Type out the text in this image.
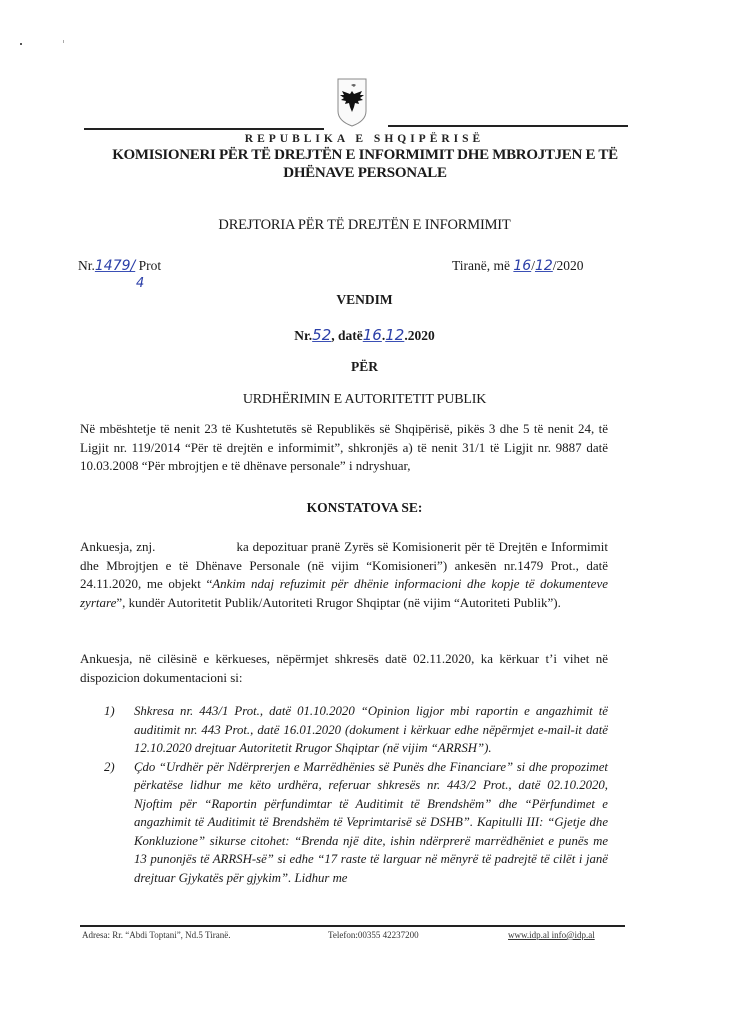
REPUBLIKA E SHQIPËRISË
KOMISIONERI PËR TË DREJTËN E INFORMIMIT DHE MBROJTJEN E TË DHËNAVE PERSONALE
DREJTORIA PËR TË DREJTËN E INFORMIMIT
Nr.1479/ Prot
4
Tiranë, më 16/12/2020
VENDIM
Nr.52, datë16.12.2020
PËR
URDHËRIMIN E AUTORITETIT PUBLIK
Në mbështetje të nenit 23 të Kushtetutës së Republikës së Shqipërisë, pikës 3 dhe 5 të nenit 24, të Ligjit nr. 119/2014 “Për të drejtën e informimit”, shkronjës a) të nenit 31/1 të Ligjit nr. 9887 datë 10.03.2008 “Për mbrojtjen e të dhënave personale” i ndryshuar,
KONSTATOVA SE:
Ankuesja, znj.                     ka depozituar pranë Zyrës së Komisionerit për të Drejtën e Informimit dhe Mbrojtjen e të Dhënave Personale (në vijim “Komisioneri”) ankesën nr.1479 Prot., datë 24.11.2020, me objekt “Ankim ndaj refuzimit për dhënie informacioni dhe kopje të dokumenteve zyrtare”, kundër Autoritetit Publik/Autoriteti Rrugor Shqiptar (në vijim “Autoriteti Publik”).
Ankuesja, në cilësinë e kërkueses, nëpërmjet shkresës datë 02.11.2020, ka kërkuar t’i vihet në dispozicion dokumentacioni si:
1) Shkresa nr. 443/1 Prot., datë 01.10.2020 “Opinion ligjor mbi raportin e angazhimit të auditimit nr. 443 Prot., datë 16.01.2020 (dokument i kërkuar edhe nëpërmjet e-mail-it datë 12.10.2020 drejtuar Autoritetit Rrugor Shqiptar (në vijim “ARRSH”).
2) Çdo “Urdhër për Ndërprerjen e Marrëdhënies së Punës dhe Financiare” si dhe propozimet përkatëse lidhur me këto urdhëra, referuar shkresës nr. 443/2 Prot., datë 02.10.2020, Njoftim për “Raportin përfundimtar të Auditimit të Brendshëm” dhe “Përfundimet e angazhimit të Auditimit të Brendshëm të Veprimtarisë së DSHB”. Kapitulli III: “Gjetje dhe Konkluzione” sikurse citohet: “Brenda një dite, ishin ndërprerë marrëdhëniet e punës me 13 punonjës të ARRSH-së” si edhe “17 raste të larguar në mënyrë të padrejtë të cilët i janë drejtuar Gjykatës për gjykim”. Lidhur me
Adresa: Rr. “Abdi Toptani”, Nd.5 Tiranë.	Telefon:00355 42237200	www.idp.al info@idp.al
